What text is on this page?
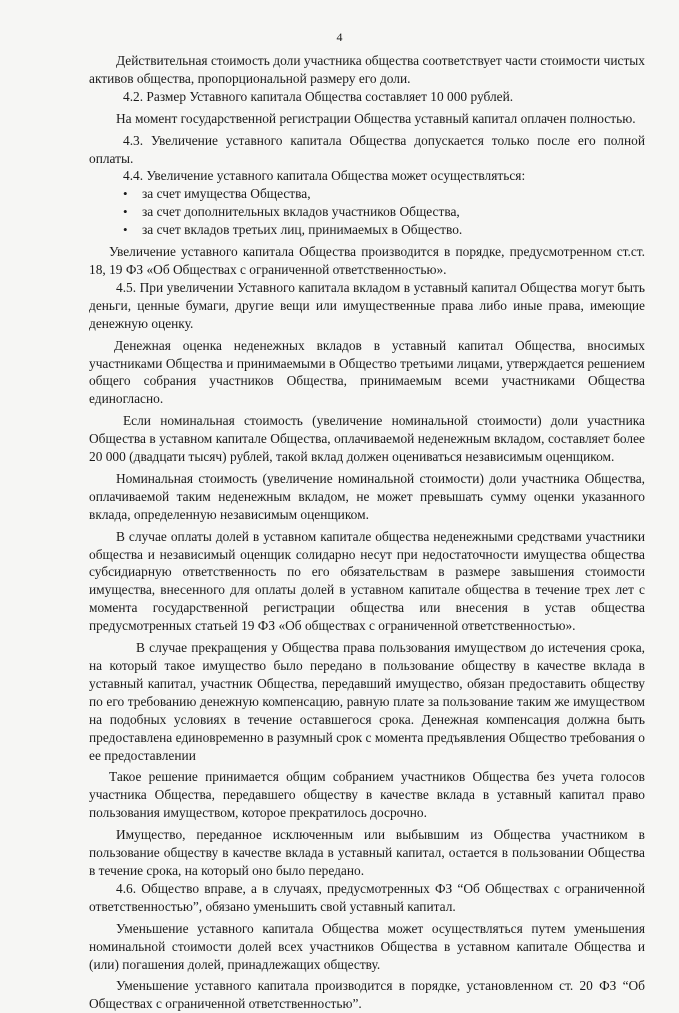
4

Действительная стоимость доли участника общества соответствует части стоимости чистых активов общества, пропорциональной размеру его доли.

4.2. Размер Уставного капитала Общества составляет 10 000 рублей.

На момент государственной регистрации Общества уставный капитал оплачен полностью.

4.3. Увеличение уставного капитала Общества допускается только после его полной оплаты.

4.4. Увеличение уставного капитала Общества может осуществляться:

• за счет имущества Общества,
• за счет дополнительных вкладов участников Общества,
• за счет вкладов третьих лиц, принимаемых в Общество.

Увеличение уставного капитала Общества производится в порядке, предусмотренном ст.ст. 18, 19 ФЗ «Об Обществах с ограниченной ответственностью».

4.5. При увеличении Уставного капитала вкладом в уставный капитал Общества могут быть деньги, ценные бумаги, другие вещи или имущественные права либо иные права, имеющие денежную оценку.

Денежная оценка неденежных вкладов в уставный капитал Общества, вносимых участниками Общества и принимаемыми в Общество третьими лицами, утверждается решением общего собрания участников Общества, принимаемым всеми участниками Общества единогласно.

Если номинальная стоимость (увеличение номинальной стоимости) доли участника Общества в уставном капитале Общества, оплачиваемой неденежным вкладом, составляет более 20 000 (двадцати тысяч) рублей, такой вклад должен оцениваться независимым оценщиком.

Номинальная стоимость (увеличение номинальной стоимости) доли участника Общества, оплачиваемой таким неденежным вкладом, не может превышать сумму оценки указанного вклада, определенную независимым оценщиком.

В случае оплаты долей в уставном капитале общества неденежными средствами участники общества и независимый оценщик солидарно несут при недостаточности имущества общества субсидиарную ответственность по его обязательствам в размере завышения стоимости имущества, внесенного для оплаты долей в уставном капитале общества в течение трех лет с момента государственной регистрации общества или внесения в устав общества предусмотренных статьей 19 ФЗ «Об обществах с ограниченной ответственностью».

В случае прекращения у Общества права пользования имуществом до истечения срока, на который такое имущество было передано в пользование обществу в качестве вклада в уставный капитал, участник Общества, передавший имущество, обязан предоставить обществу по его требованию денежную компенсацию, равную плате за пользование таким же имуществом на подобных условиях в течение оставшегося срока. Денежная компенсация должна быть предоставлена единовременно в разумный срок с момента предъявления Общество требования о ее предоставлении

Такое решение принимается общим собранием участников Общества без учета голосов участника Общества, передавшего обществу в качестве вклада в уставный капитал право пользования имуществом, которое прекратилось досрочно.

Имущество, переданное исключенным или выбывшим из Общества участником в пользование обществу в качестве вклада в уставный капитал, остается в пользовании Общества в течение срока, на который оно было передано.

4.6. Общество вправе, а в случаях, предусмотренных ФЗ “Об Обществах с ограниченной ответственностью”, обязано уменьшить свой уставный капитал.

Уменьшение уставного капитала Общества может осуществляться путем уменьшения номинальной стоимости долей всех участников Общества в уставном капитале Общества и (или) погашения долей, принадлежащих обществу.

Уменьшение уставного капитала производится в порядке, установленном ст. 20 ФЗ “Об Обществах с ограниченной ответственностью”.
